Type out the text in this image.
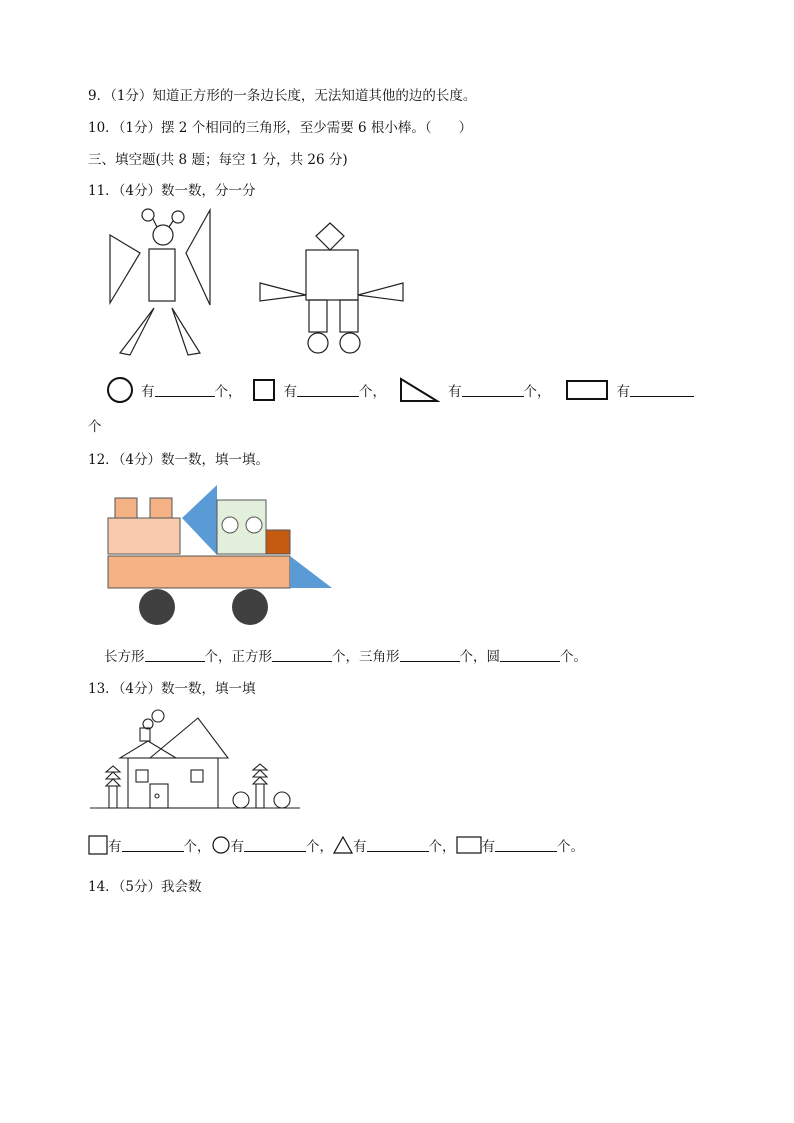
9．（1分）知道正方形的一条边长度，无法知道其他的边的长度。
10．（1分）摆 2 个相同的三角形，至少需要 6 根小棒。（　　）
三、填空题(共 8 题；每空 1 分，共 26 分)
11．（4分）数一数，分一分
有	个，	有	个，	有	个，	有
个
12．（4分）数一数，填一填。
长方形	个，正方形	个，三角形	个，圆	个。
13．（4分）数一数，填一填
有	个， 有	个， 有	个， 有	个。
14．（5分）我会数
